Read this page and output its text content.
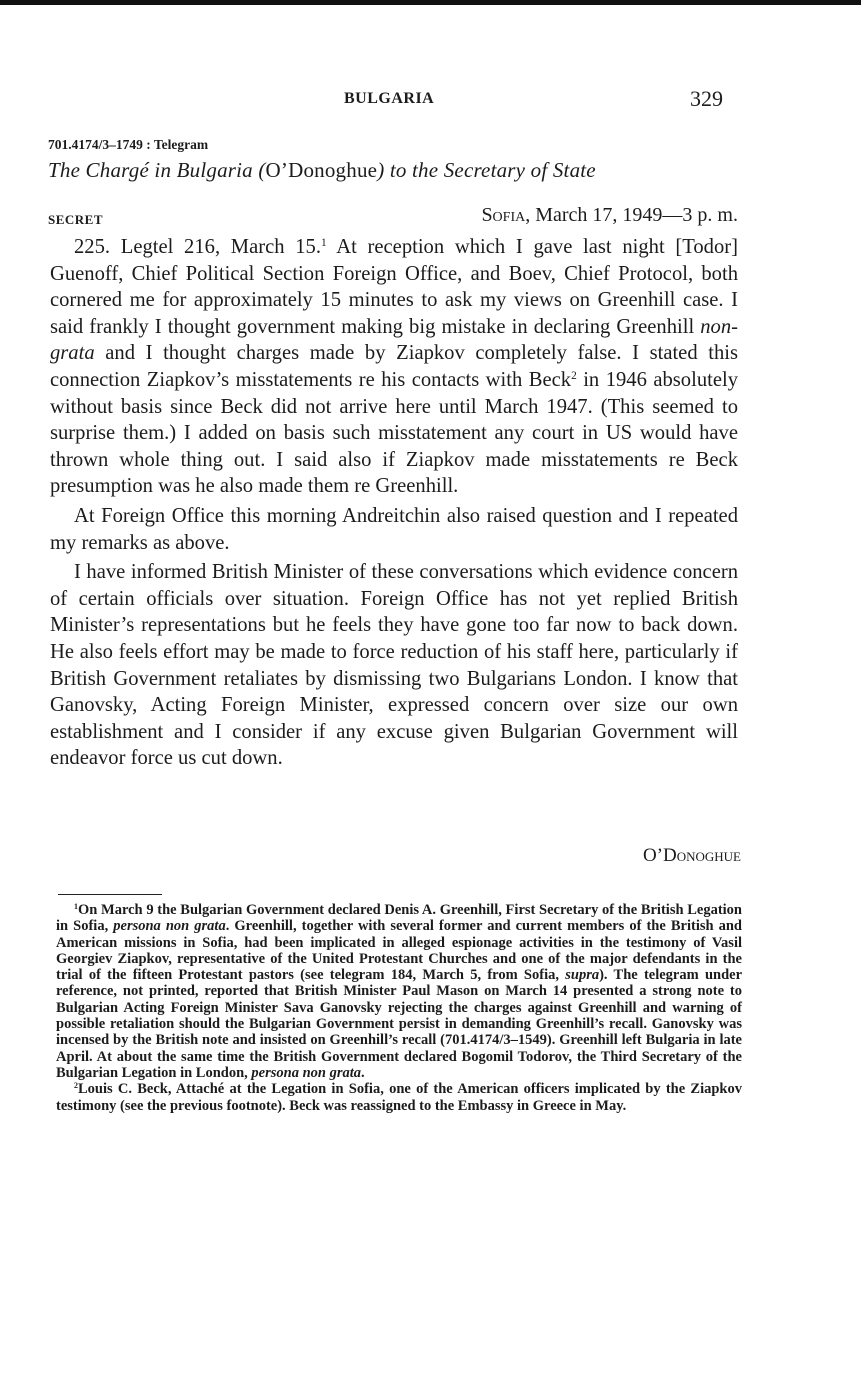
BULGARIA	329
701.4174/3–1749 : Telegram
The Chargé in Bulgaria (O’Donoghue) to the Secretary of State
SECRET	Sofia, March 17, 1949—3 p. m.

225. Legtel 216, March 15.$^1$ At reception which I gave last night [Todor] Guenoff, Chief Political Section Foreign Office, and Boev, Chief Protocol, both cornered me for approximately 15 minutes to ask my views on Greenhill case. I said frankly I thought government making big mistake in declaring Greenhill non-grata and I thought charges made by Ziapkov completely false. I stated this connection Ziapkov’s misstatements re his contacts with Beck$^2$ in 1946 absolutely without basis since Beck did not arrive here until March 1947. (This seemed to surprise them.) I added on basis such misstatement any court in US would have thrown whole thing out. I said also if Ziapkov made misstatements re Beck presumption was he also made them re Greenhill.

At Foreign Office this morning Andreitchin also raised question and I repeated my remarks as above.

I have informed British Minister of these conversations which evidence concern of certain officials over situation. Foreign Office has not yet replied British Minister’s representations but he feels they have gone too far now to back down. He also feels effort may be made to force reduction of his staff here, particularly if British Government retaliates by dismissing two Bulgarians London. I know that Ganovsky, Acting Foreign Minister, expressed concern over size our own establishment and I consider if any excuse given Bulgarian Government will endeavor force us cut down.

O’Donoghue

$^1$On March 9 the Bulgarian Government declared Denis A. Greenhill, First Secretary of the British Legation in Sofia, persona non grata. Greenhill, together with several former and current members of the British and American missions in Sofia, had been implicated in alleged espionage activities in the testimony of Vasil Georgiev Ziapkov, representative of the United Protestant Churches and one of the major defendants in the trial of the fifteen Protestant pastors (see telegram 184, March 5, from Sofia, supra). The telegram under reference, not printed, reported that British Minister Paul Mason on March 14 presented a strong note to Bulgarian Acting Foreign Minister Sava Ganovsky rejecting the charges against Greenhill and warning of possible retaliation should the Bulgarian Government persist in demanding Greenhill’s recall. Ganovsky was incensed by the British note and insisted on Greenhill’s recall (701.4174/3–1549). Greenhill left Bulgaria in late April. At about the same time the British Government declared Bogomil Todorov, the Third Secretary of the Bulgarian Legation in London, persona non grata.

$^2$Louis C. Beck, Attaché at the Legation in Sofia, one of the American officers implicated by the Ziapkov testimony (see the previous footnote). Beck was reassigned to the Embassy in Greece in May.
